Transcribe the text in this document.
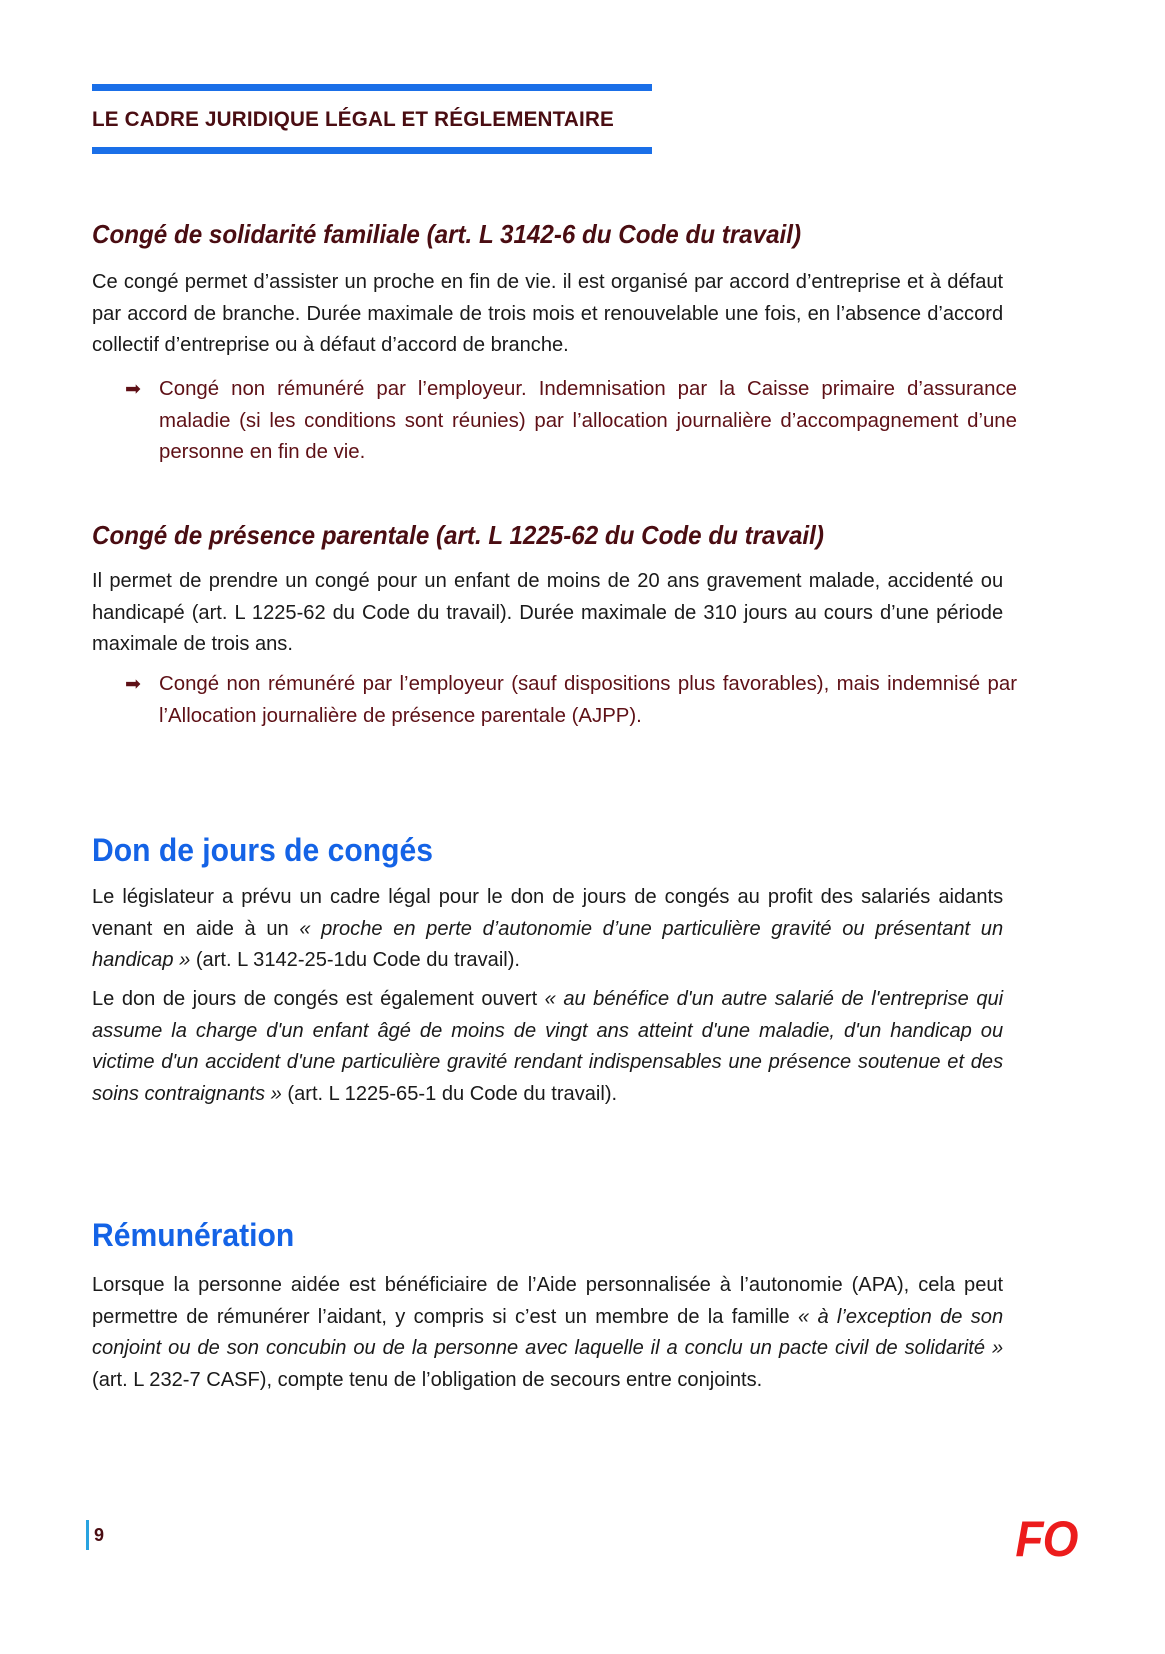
LE CADRE JURIDIQUE LÉGAL ET RÉGLEMENTAIRE
Congé de solidarité familiale (art. L 3142-6 du Code du travail)

Ce congé permet d’assister un proche en fin de vie. il est organisé par accord d’entreprise et à défaut par accord de branche. Durée maximale de trois mois et renouvelable une fois, en l’absence d’accord collectif d’entreprise ou à défaut d’accord de branche.

➡ Congé non rémunéré par l’employeur. Indemnisation par la Caisse primaire d’assurance maladie (si les conditions sont réunies) par l’allocation journalière d’accompagnement d’une personne en fin de vie.
Congé de présence parentale (art. L 1225-62 du Code du travail)

Il permet de prendre un congé pour un enfant de moins de 20 ans gravement malade, accidenté ou handicapé (art. L 1225-62 du Code du travail). Durée maximale de 310 jours au cours d’une période maximale de trois ans.

➡ Congé non rémunéré par l’employeur (sauf dispositions plus favorables), mais indemnisé par l’Allocation journalière de présence parentale (AJPP).
Don de jours de congés

Le législateur a prévu un cadre légal pour le don de jours de congés au profit des salariés aidants venant en aide à un « proche en perte d’autonomie d’une particulière gravité ou présentant un handicap » (art. L 3142-25-1du Code du travail).

Le don de jours de congés est également ouvert « au bénéfice d'un autre salarié de l'entreprise qui assume la charge d'un enfant âgé de moins de vingt ans atteint d'une maladie, d'un handicap ou victime d'un accident d'une particulière gravité rendant indispensables une présence soutenue et des soins contraignants » (art. L 1225-65-1 du Code du travail).

Rémunération

Lorsque la personne aidée est bénéficiaire de l’Aide personnalisée à l’autonomie (APA), cela peut permettre de rémunérer l’aidant, y compris si c’est un membre de la famille « à l’exception de son conjoint ou de son concubin ou de la personne avec laquelle il a conclu un pacte civil de solidarité » (art. L 232-7 CASF), compte tenu de l’obligation de secours entre conjoints.

9	FO
